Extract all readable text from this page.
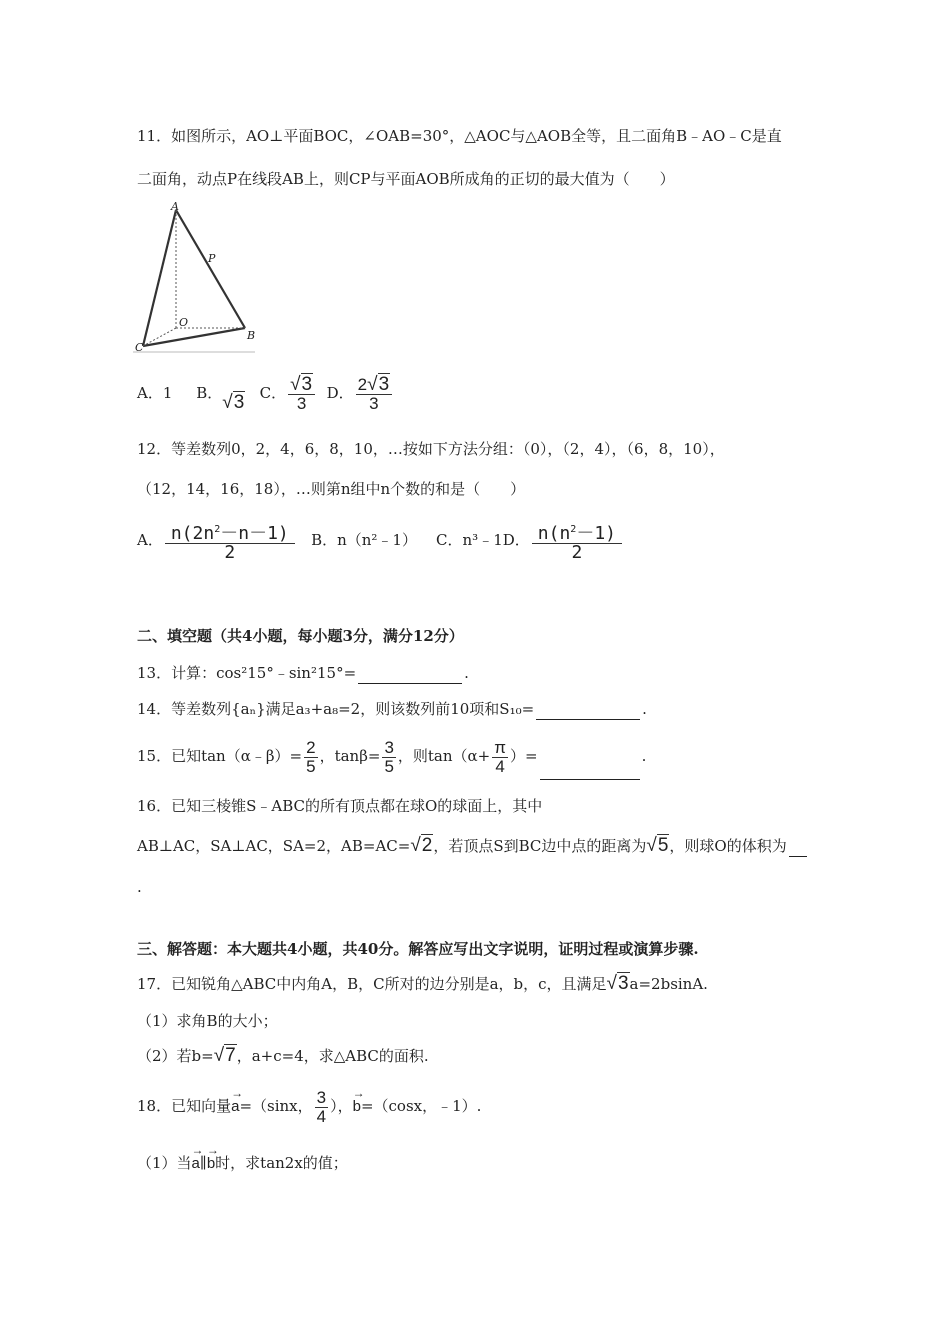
11．如图所示，AO⊥平面BOC，∠OAB=30°，△AOC与△AOB全等，且二面角B﹣AO﹣C是直
二面角，动点P在线段AB上，则CP与平面AOB所成角的正切的最大值为（　　）
A
P
O
B
C
A．1 B．√3 C． $\frac{√3}{3}$ D． $\frac{2√3}{3}$
12．等差数列0，2，4，6，8，10，…按如下方法分组：（0），（2，4），（6，8，10），
（12，14，16，18），…则第n组中n个数的和是（　　）
A． $\frac{n(2n^2-n-1)}{2}$ B．n（n²﹣1） C．n³﹣1D． $\frac{n(n^2-1)}{2}$
二、填空题（共4小题，每小题3分，满分12分）
13．计算：cos²15°﹣sin²15°=	.
14．等差数列{aₙ}满足a₃+a₈=2，则该数列前10项和S₁₀=	.
15．已知tan（α﹣β）= $\frac{2}{5}$ ，$\tan\beta= \frac{3}{5}$ ，则$\tan(\alpha+ \frac{\pi}{4}$ ）=	.
16．已知三棱锥S﹣ABC的所有顶点都在球O的球面上，其中
AB⊥AC，SA⊥AC，SA=2，AB=AC=√2，若顶点S到BC边中点的距离为√5，则球O的体积为
.
三、解答题：本大题共4小题，共40分。解答应写出文字说明，证明过程或演算步骤.
17．已知锐角△ABC中内角A，B，C所对的边分别是a，b，c，且满足√3a=2bsinA.
（1）求角B的大小；
（2）若b=√7，a+c=4，求△ABC的面积.
18．已知向量→ a=（sinx， $\frac{3}{4}$ ），→ b=（cosx，﹣1）.
（1）当→ a∥→ b时，求tan2x的值；
